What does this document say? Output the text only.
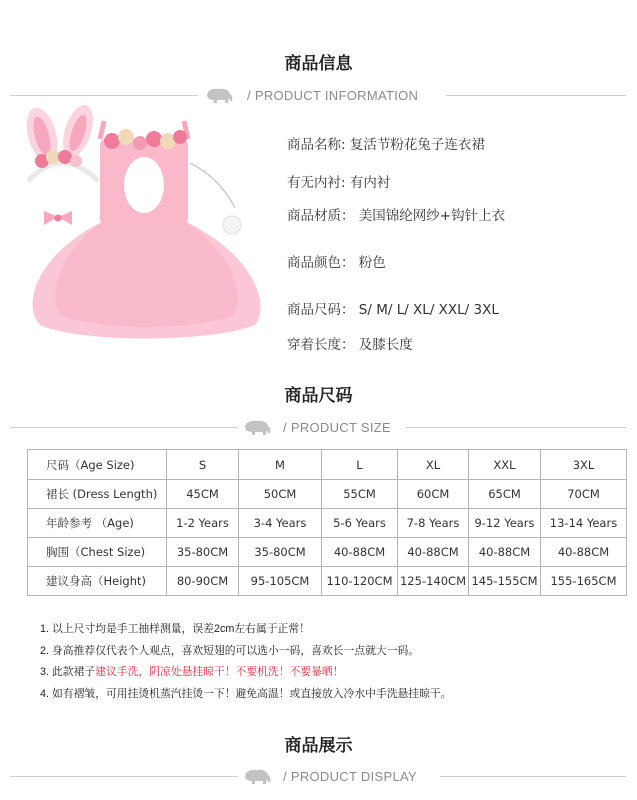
商品信息
/ PRODUCT INFORMATION
商品名称: 复活节粉花兔子连衣裙
有无内衬: 有内衬
商品材质： 美国锦纶网纱+钩针上衣
商品颜色： 粉色
商品尺码： S/ M/ L/ XL/ XXL/ 3XL
穿着长度： 及膝长度
商品尺码
/ PRODUCT SIZE
尺码（Age Size)	S	M	L	XL	XXL	3XL
裙长 (Dress Length)	45CM	50CM	55CM	60CM	65CM	70CM
年龄参考 （Age)	1-2 Years	3-4 Years	5-6 Years	7-8 Years	9-12 Years	13-14 Years
胸围（Chest Size)	35-80CM	35-80CM	40-88CM	40-88CM	40-88CM	40-88CM
建议身高（Height)	80-90CM	95-105CM	110-120CM	125-140CM	145-155CM	155-165CM
1. 以上尺寸均是手工抽样测量，误差2cm左右属于正常！
2. 身高推荐仅代表个人观点，喜欢短翅的可以选小一码，喜欢长一点就大一码。
3. 此款裙子建议手洗，阴凉处悬挂晾干！不要机洗！不要暴晒！
4. 如有褶皱，可用挂烫机蒸汽挂烫一下！避免高温！或直接放入冷水中手洗悬挂晾干。
商品展示
/ PRODUCT DISPLAY
